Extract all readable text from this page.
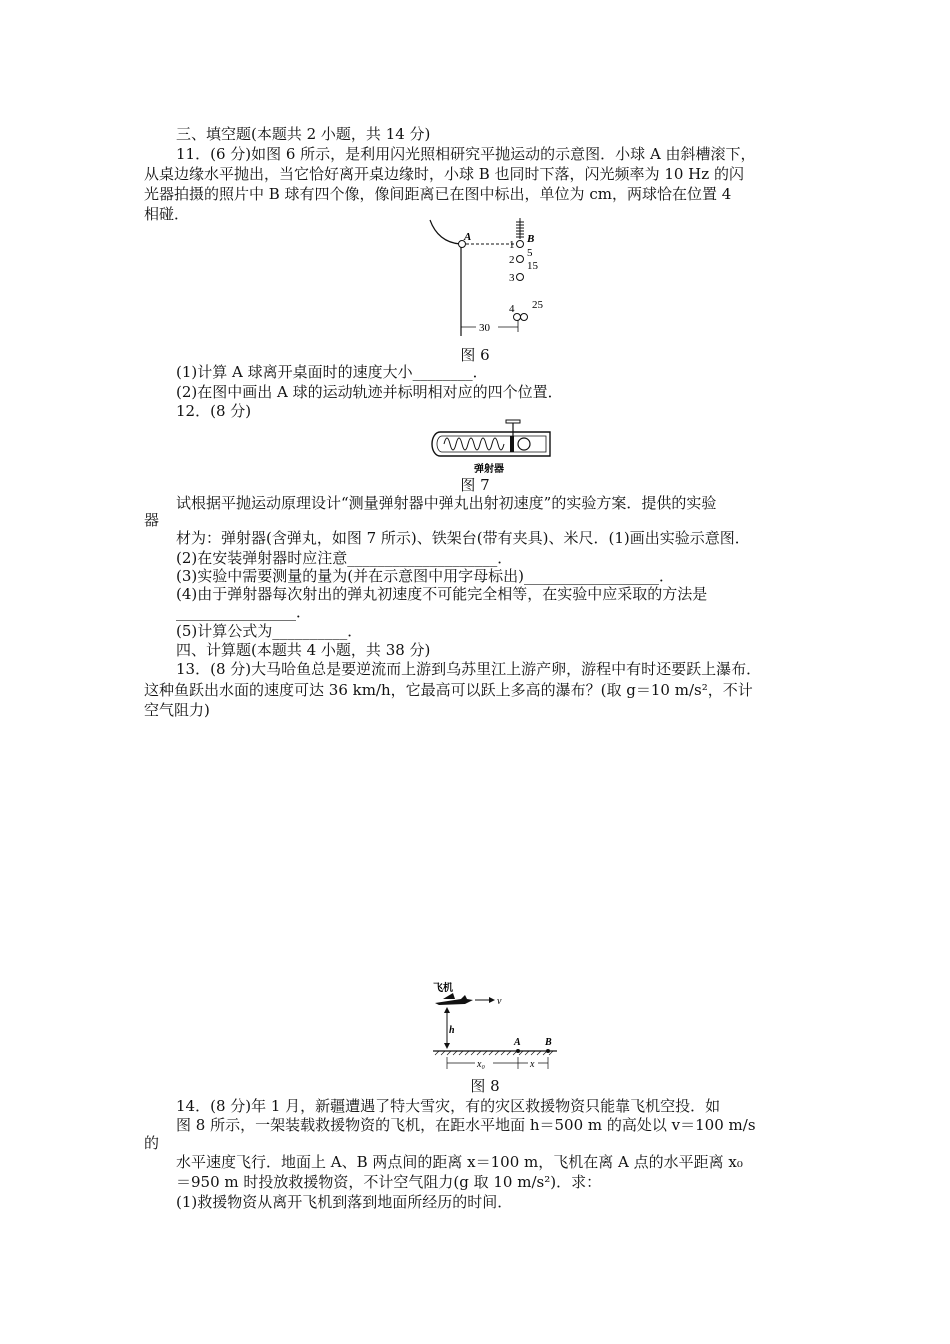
三、填空题(本题共 2 小题，共 14 分)
11．(6 分)如图 6 所示，是利用闪光照相研究平抛运动的示意图．小球 A 由斜槽滚下，
从桌边缘水平抛出，当它恰好离开桌边缘时，小球 B 也同时下落，闪光频率为 10 Hz 的闪
光器拍摄的照片中 B 球有四个像，像间距离已在图中标出，单位为 cm，两球恰在位置 4
相碰．
A	B
1
2
3
4
5
15
25
30
图 6
(1)计算 A 球离开桌面时的速度大小________．
(2)在图中画出 A 球的运动轨迹并标明相对应的四个位置．
12．(8 分)
弹射器
图 7
试根据平抛运动原理设计“测量弹射器中弹丸出射初速度”的实验方案．提供的实验
器
材为：弹射器(含弹丸，如图 7 所示)、铁架台(带有夹具)、米尺．(1)画出实验示意图．
(2)在安装弹射器时应注意____________________．
(3)实验中需要测量的量为(并在示意图中用字母标出)__________________．
(4)由于弹射器每次射出的弹丸初速度不可能完全相等，在实验中应采取的方法是
________________．
(5)计算公式为__________．
四、计算题(本题共 4 小题，共 38 分)
13．(8 分)大马哈鱼总是要逆流而上游到乌苏里江上游产卵，游程中有时还要跃上瀑布．
这种鱼跃出水面的速度可达 36 km/h，它最高可以跃上多高的瀑布？(取 g＝10 m/s²，不计
空气阻力)
飞机
v
h
A B
x₀	x
图 8
14．(8 分)年 1 月，新疆遭遇了特大雪灾，有的灾区救援物资只能靠飞机空投．如
图 8 所示，一架装载救援物资的飞机，在距水平地面 h＝500 m 的高处以 v＝100 m/s
的
水平速度飞行．地面上 A、B 两点间的距离 x＝100 m，飞机在离 A 点的水平距离 x₀
＝950 m 时投放救援物资，不计空气阻力(g 取 10 m/s²)．求：
(1)救援物资从离开飞机到落到地面所经历的时间．
